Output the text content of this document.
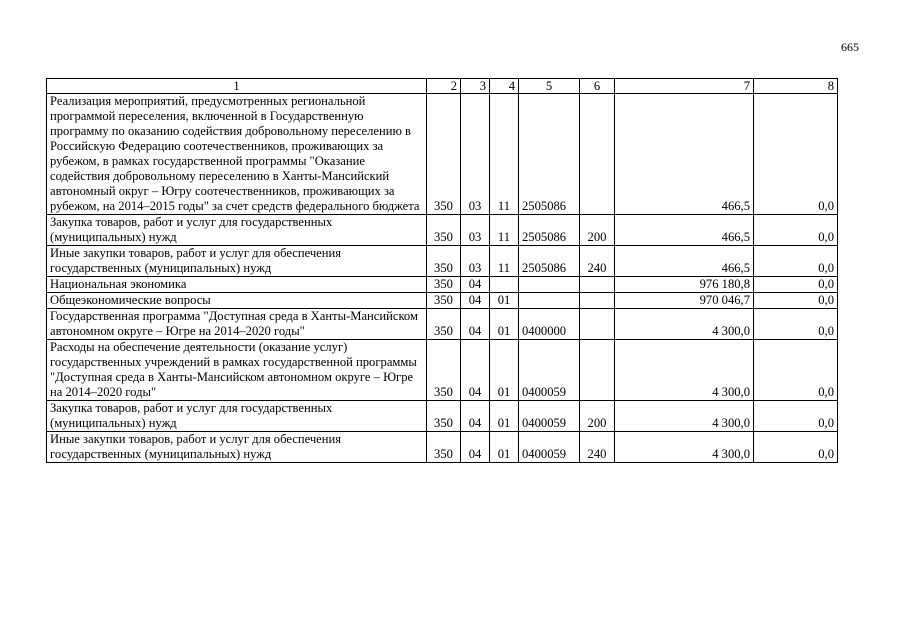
665
1	2	3	4	5	6	7	8
Реализация мероприятий, предусмотренных региональной программой переселения, включенной в Государственную программу по оказанию содействия добровольному переселению в Российскую Федерацию соотечественников, проживающих за рубежом, в рамках государственной программы "Оказание содействия добровольному переселению в Ханты-Мансийский автономный округ – Югру соотечественников, проживающих за рубежом, на 2014–2015 годы" за счет средств федерального бюджета	350	03	11	2505086		466,5	0,0
Закупка товаров, работ и услуг для государственных (муниципальных) нужд	350	03	11	2505086	200	466,5	0,0
Иные закупки товаров, работ и услуг для обеспечения государственных (муниципальных) нужд	350	03	11	2505086	240	466,5	0,0
Национальная экономика	350	04				976 180,8	0,0
Общеэкономические вопросы	350	04	01			970 046,7	0,0
Государственная программа "Доступная среда в Ханты-Мансийском автономном округе – Югре на 2014–2020 годы"	350	04	01	0400000		4 300,0	0,0
Расходы на обеспечение деятельности (оказание услуг) государственных учреждений в рамках государственной программы "Доступная среда в Ханты-Мансийском автономном округе – Югре на 2014–2020 годы"	350	04	01	0400059		4 300,0	0,0
Закупка товаров, работ и услуг для государственных (муниципальных) нужд	350	04	01	0400059	200	4 300,0	0,0
Иные закупки товаров, работ и услуг для обеспечения государственных (муниципальных) нужд	350	04	01	0400059	240	4 300,0	0,0
